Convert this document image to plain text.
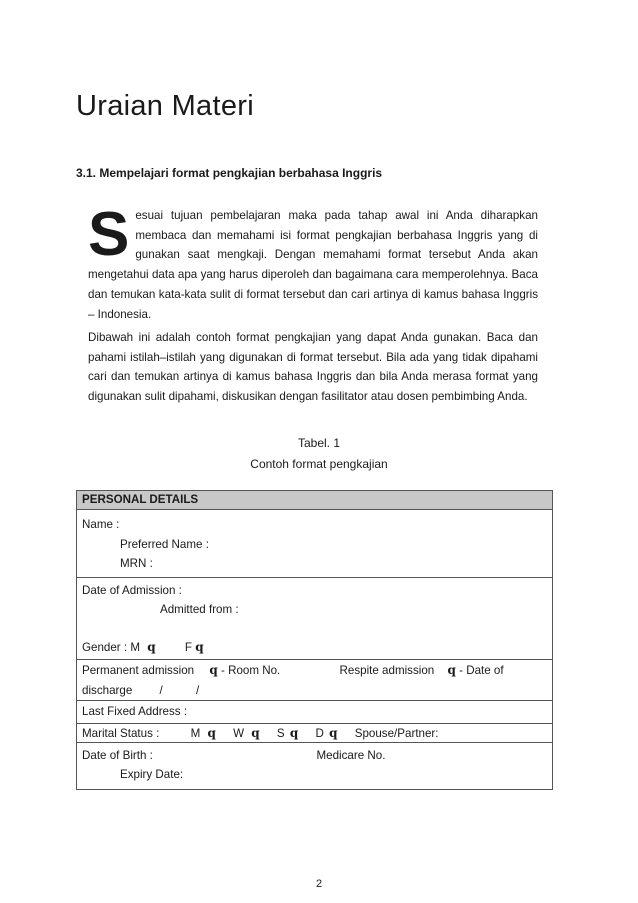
Uraian Materi

3.1. Mempelajari format pengkajian berbahasa Inggris

Sesuai tujuan pembelajaran maka pada tahap awal ini Anda diharapkan membaca dan memahami isi format pengkajian berbahasa Inggris yang di gunakan saat mengkaji. Dengan memahami format tersebut Anda akan mengetahui data apa yang harus diperoleh dan bagaimana cara memperolehnya. Baca dan temukan kata-kata sulit di format tersebut dan cari artinya di kamus bahasa Inggris – Indonesia.

Dibawah ini adalah contoh format pengkajian yang dapat Anda gunakan. Baca dan pahami istilah–istilah yang digunakan di format tersebut. Bila ada yang tidak dipahami cari dan temukan artinya di kamus bahasa Inggris dan bila Anda merasa format yang digunakan sulit dipahami, diskusikan dengan fasilitator atau dosen pembimbing Anda.

Tabel. 1
Contoh format pengkajian
PERSONAL DETAILS

Name :
Preferred Name :
MRN :

Date of Admission :
Admitted from :
Gender : M q	F q

Permanent admission q - Room No.	Respite admission q - Date of
discharge /	/

Last Fixed Address :

Marital Status :	M q W q S q D q Spouse/Partner:

Date of Birth :	Medicare No.
Expiry Date:
2
